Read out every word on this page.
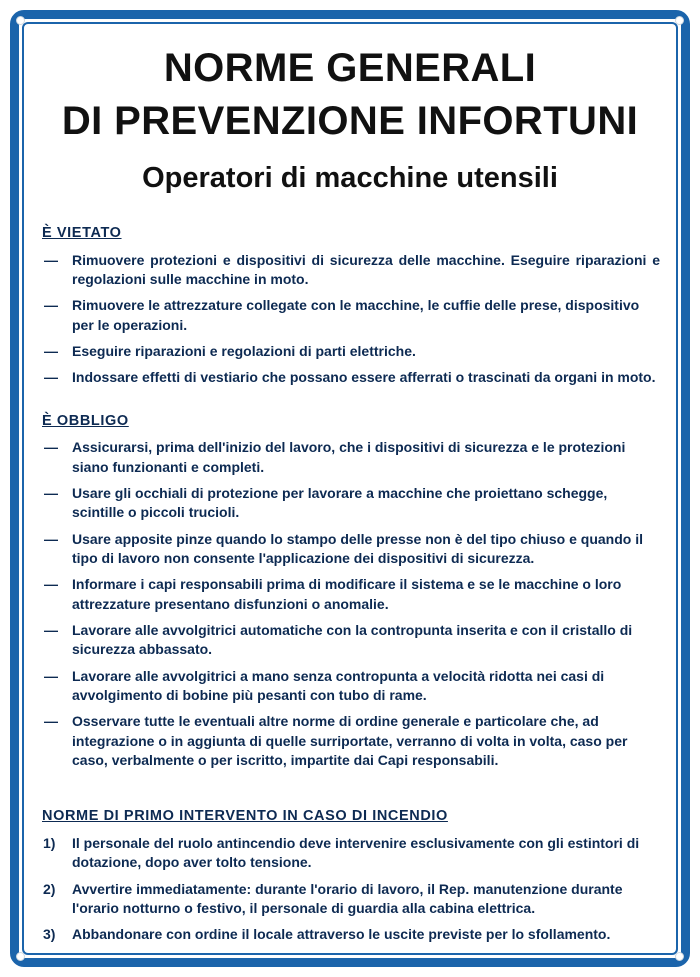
NORME GENERALI
DI PREVENZIONE INFORTUNI
Operatori di macchine utensili
È VIETATO
— Rimuovere protezioni e dispositivi di sicurezza delle macchine. Eseguire riparazioni e regolazioni sulle macchine in moto.
— Rimuovere le attrezzature collegate con le macchine, le cuffie delle prese, dispositivo per le operazioni.
— Eseguire riparazioni e regolazioni di parti elettriche.
— Indossare effetti di vestiario che possano essere afferrati o trascinati da organi in moto.
È OBBLIGO
— Assicurarsi, prima dell'inizio del lavoro, che i dispositivi di sicurezza e le protezioni siano funzionanti e completi.
— Usare gli occhiali di protezione per lavorare a macchine che proiettano schegge, scintille o piccoli trucioli.
— Usare apposite pinze quando lo stampo delle presse non è del tipo chiuso e quando il tipo di lavoro non consente l'applicazione dei dispositivi di sicurezza.
— Informare i capi responsabili prima di modificare il sistema e se le macchine o loro attrezzature presentano disfunzioni o anomalie.
— Lavorare alle avvolgitrici automatiche con la contropunta inserita e con il cristallo di sicurezza abbassato.
— Lavorare alle avvolgitrici a mano senza contropunta a velocità ridotta nei casi di avvolgimento di bobine più pesanti con tubo di rame.
— Osservare tutte le eventuali altre norme di ordine generale e particolare che, ad integrazione o in aggiunta di quelle surriportate, verranno di volta in volta, caso per caso, verbalmente o per iscritto, impartite dai Capi responsabili.
NORME DI PRIMO INTERVENTO IN CASO DI INCENDIO
1) Il personale del ruolo antincendio deve intervenire esclusivamente con gli estintori di dotazione, dopo aver tolto tensione.
2) Avvertire immediatamente: durante l'orario di lavoro, il Rep. manutenzione durante l'orario notturno o festivo, il personale di guardia alla cabina elettrica.
3) Abbandonare con ordine il locale attraverso le uscite previste per lo sfollamento.
